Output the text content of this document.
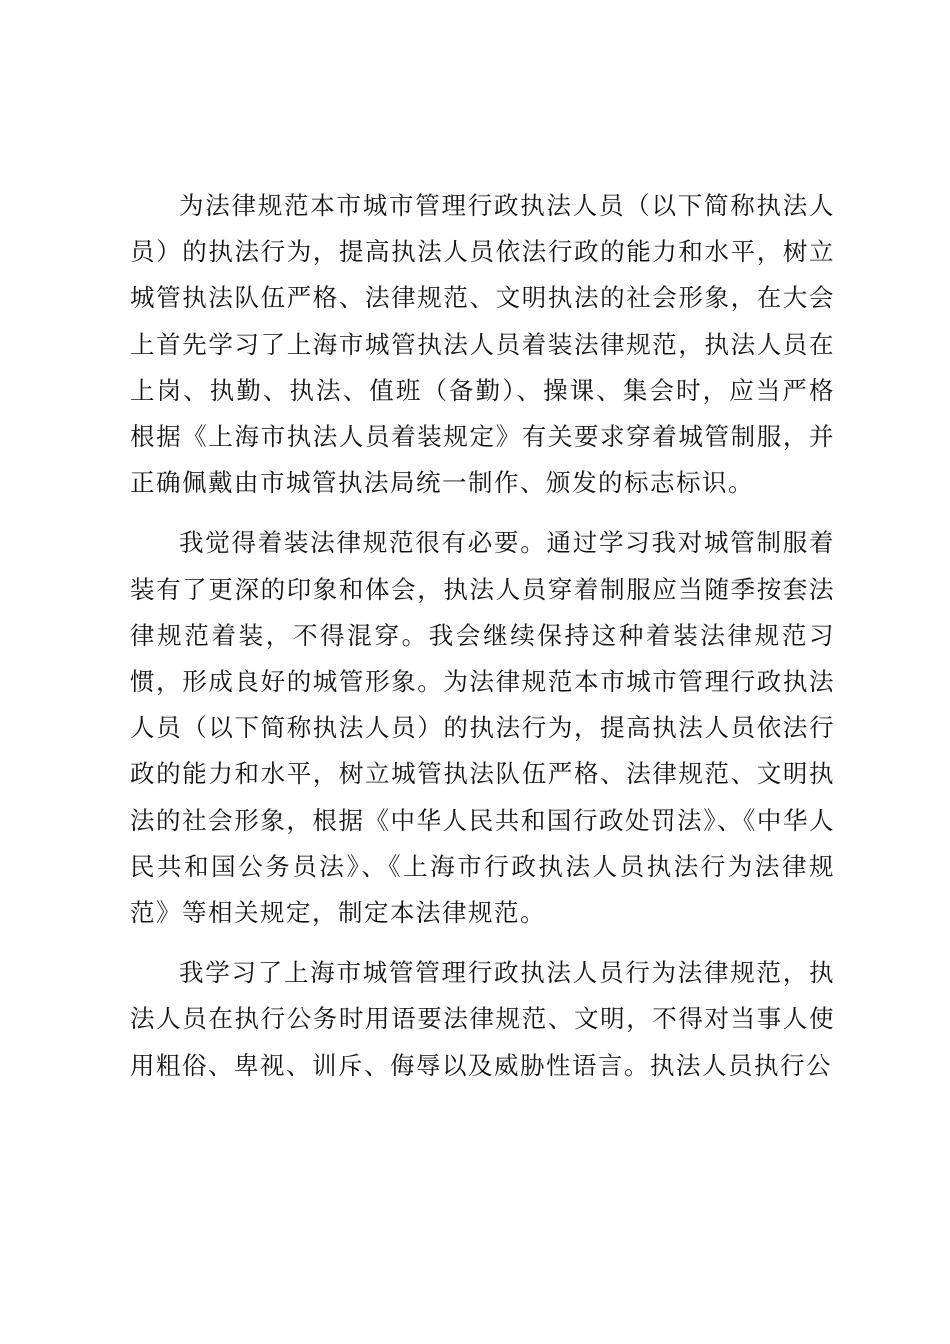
为法律规范本市城市管理行政执法人员（以下简称执法人员）的执法行为，提高执法人员依法行政的能力和水平，树立城管执法队伍严格、法律规范、文明执法的社会形象，在大会上首先学习了上海市城管执法人员着装法律规范，执法人员在上岗、执勤、执法、值班（备勤）、操课、集会时，应当严格根据《上海市执法人员着装规定》有关要求穿着城管制服，并正确佩戴由市城管执法局统一制作、颁发的标志标识。

我觉得着装法律规范很有必要。通过学习我对城管制服着装有了更深的印象和体会，执法人员穿着制服应当随季按套法律规范着装，不得混穿。我会继续保持这种着装法律规范习惯，形成良好的城管形象。为法律规范本市城市管理行政执法人员（以下简称执法人员）的执法行为，提高执法人员依法行政的能力和水平，树立城管执法队伍严格、法律规范、文明执法的社会形象，根据《中华人民共和国行政处罚法》、《中华人民共和国公务员法》、《上海市行政执法人员执法行为法律规范》等相关规定，制定本法律规范。

我学习了上海市城管管理行政执法人员行为法律规范，执法人员在执行公务时用语要法律规范、文明，不得对当事人使用粗俗、卑视、训斥、侮辱以及威胁性语言。执法人员执行公
